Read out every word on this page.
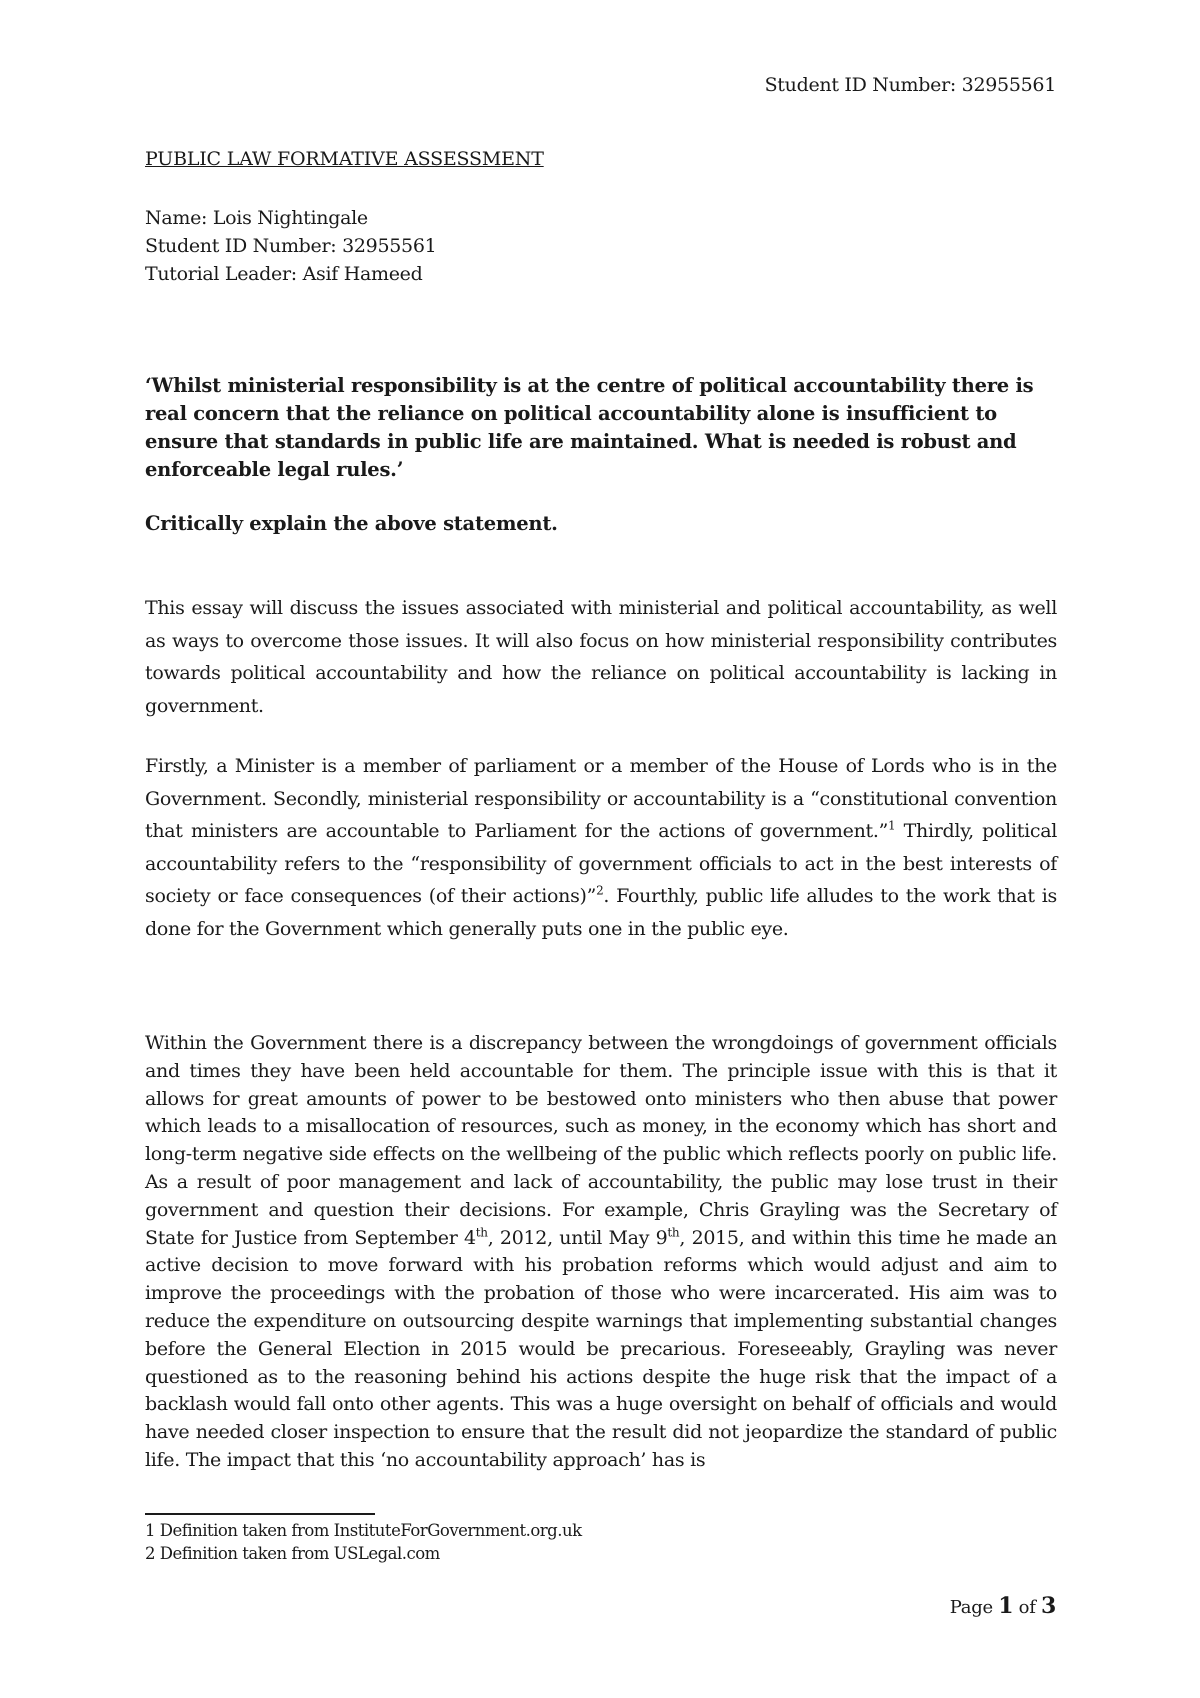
Student ID Number: 32955561
PUBLIC LAW FORMATIVE ASSESSMENT
Name: Lois Nightingale
Student ID Number: 32955561
Tutorial Leader: Asif Hameed
‘Whilst ministerial responsibility is at the centre of political accountability there is real concern that the reliance on political accountability alone is insufficient to ensure that standards in public life are maintained. What is needed is robust and enforceable legal rules.’
Critically explain the above statement.
This essay will discuss the issues associated with ministerial and political accountability, as well as ways to overcome those issues. It will also focus on how ministerial responsibility contributes towards political accountability and how the reliance on political accountability is lacking in government.
Firstly, a Minister is a member of parliament or a member of the House of Lords who is in the Government. Secondly, ministerial responsibility or accountability is a “constitutional convention that ministers are accountable to Parliament for the actions of government.”$^1$ Thirdly, political accountability refers to the “responsibility of government officials to act in the best interests of society or face consequences (of their actions)”$^2$. Fourthly, public life alludes to the work that is done for the Government which generally puts one in the public eye.
Within the Government there is a discrepancy between the wrongdoings of government officials and times they have been held accountable for them. The principle issue with this is that it allows for great amounts of power to be bestowed onto ministers who then abuse that power which leads to a misallocation of resources, such as money, in the economy which has short and long-term negative side effects on the wellbeing of the public which reflects poorly on public life. As a result of poor management and lack of accountability, the public may lose trust in their government and question their decisions. For example, Chris Grayling was the Secretary of State for Justice from September 4th, 2012, until May 9th, 2015, and within this time he made an active decision to move forward with his probation reforms which would adjust and aim to improve the proceedings with the probation of those who were incarcerated. His aim was to reduce the expenditure on outsourcing despite warnings that implementing substantial changes before the General Election in 2015 would be precarious. Foreseeably, Grayling was never questioned as to the reasoning behind his actions despite the huge risk that the impact of a backlash would fall onto other agents. This was a huge oversight on behalf of officials and would have needed closer inspection to ensure that the result did not jeopardize the standard of public life. The impact that this ‘no accountability approach’ has is
1 Definition taken from InstituteForGovernment.org.uk
2 Definition taken from USLegal.com
Page 1 of 3
